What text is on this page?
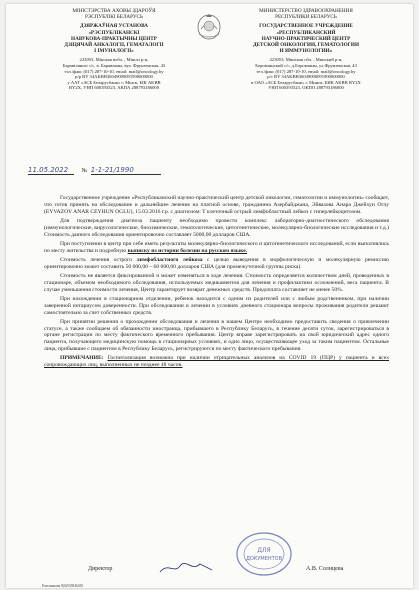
МІНІСТЭРСТВА АХОВЫ ЗДАРОЎЯ
РЭСПУБЛІКІ БЕЛАРУСЬ
ДЗЯРЖАЎНАЯ УСТАНОВА
«РЭСПУБЛІКАНСКІ
НАВУКОВА-ПРАКТЫЧНЫ ЦЕНТР
ДЗІЦЯЧАЙ АНКАЛОГІІ, ГЕМАТАЛОГІІ
І ІМУНАЛОГІІ»
223053, Мінская вобл. , Мінскі р-н,
Баравілянскі с/с, в. Баравляны, вул. Фрунзенская, 43
тэл./факс (017) 287-10-10, email: mail@oncology.by
р/р BY 34AKBB36049000091900000000
у ААТ «АСБ Беларусбанк» г. Мінск, БІК AKBB
BY2X, УНП 600393523, АКПА 288793186000
МИНИСТЕРСТВО ЗДРАВООХРАНЕНИЯ
РЕСПУБЛИКИ БЕЛАРУСЬ
ГОСУДАРСТВЕННОЕ УЧРЕЖДЕНИЕ
«РЕСПУБЛИКАНСКИЙ
НАУЧНО-ПРАКТИЧЕСКИЙ ЦЕНТР
ДЕТСКОЙ ОНКОЛОГИИ, ГЕМАТОЛОГИИ
И ИММУНОЛОГИИ»
223053, Минская обл. , Минский р-н,
Боровлянский с/с, д.Боровляны, ул.Фрунзенская, 43
тел./факс (017) 287-10-10, email: mail@oncology.by
р/с BY 34AKBB36049000091900000000
в ОАО «АСБ Беларусбанк» г. Минск, БИК AKBB BY2X
УНП 600393523, ОКПО 288793186000
11.05.2022 № 1-1-21/1990

Государственное учреждение «Республиканский научно-практический центр детской онкологии, гематологии и иммунологии» сообщает, что готов принять на обследование и дальнейшее лечение на платной основе, гражданина Азербайджана, Эйвазова Анара Джейхун Оглу (EYVAZOV ANAR CEYHUN OGLU), 15.03.2016 г.р. с диагнозом: Т клеточный острый лимфобластный лейкоз с гиперлейкоцитозом.

Для подтверждения диагноза пациенту необходимо провести комплекс лабораторно-диагностического обследования (иммунологические, вирусологические, биохимические, гематологические, цитогенетические, молекулярно-биологические исследования и т.д.) Стоимость данного обследования ориентировочно составляет 5000,00 долларов США.

При поступлении в центр при себе иметь результаты молекулярно-биологического и цитогенетического исследований, если выполнялись по месту жительства и подробную выписку из истории болезни на русском языке.

Стоимость лечения острого лимфобластного лейкоза с целью выведения в морфологическую и молекулярную ремиссию ориентировочно может составить 50 000,00 – 60 000,00 долларов США (для промежуточной группы риска).

Стоимость не является фиксированной и может изменяться в ходе лечения. Стоимость определяется количеством дней, проведенных в стационаре, объемом необходимого обследования, используемых медикаментов для лечения и профилактики осложнений, веса пациента. В случае уменьшения стоимости лечения, Центр гарантирует возврат денежных средств. Предоплата составляет не менее 50%.

При нахождении в стационарном отделении, ребенок находится с одним из родителей или с любым родственником, при наличии заверенной нотариусом доверенности. При обследовании и лечении в условиях дневного стационара вопросы проживания родители решают самостоятельно за счет собственных средств.

При принятии решения о прохождении обследования и лечения в нашем Центре необходимо предоставить сведения о привлечении статусе, а также сообщаем об обязанности иностранца, прибывшего в Республику Беларусь, в течение десяти суток, зарегистрироваться в органе регистрации по месту фактического временного пребывания. Центр вправе зарегистрировать на свой юридический адрес одного пациента, получающего медицинскую помощь в стационарных условиях, и одно лицо, осуществляющее уход за таким пациентом. Остальные лица, прибывшие с пациентом в Республику Беларусь, регистрируются по месту фактического пребывания.

ПРИМЕЧАНИЕ: Госпитализация возможна при наличии отрицательных анализов на COVID 19 (ПЦР) у пациента и всех сопровождающих лиц, выполненных не позднее 48 часов.

ДЛЯ
ДОКУМЕНТОВ
Директор	А.В. Солнцева
Емельянова 8(029)5846465
